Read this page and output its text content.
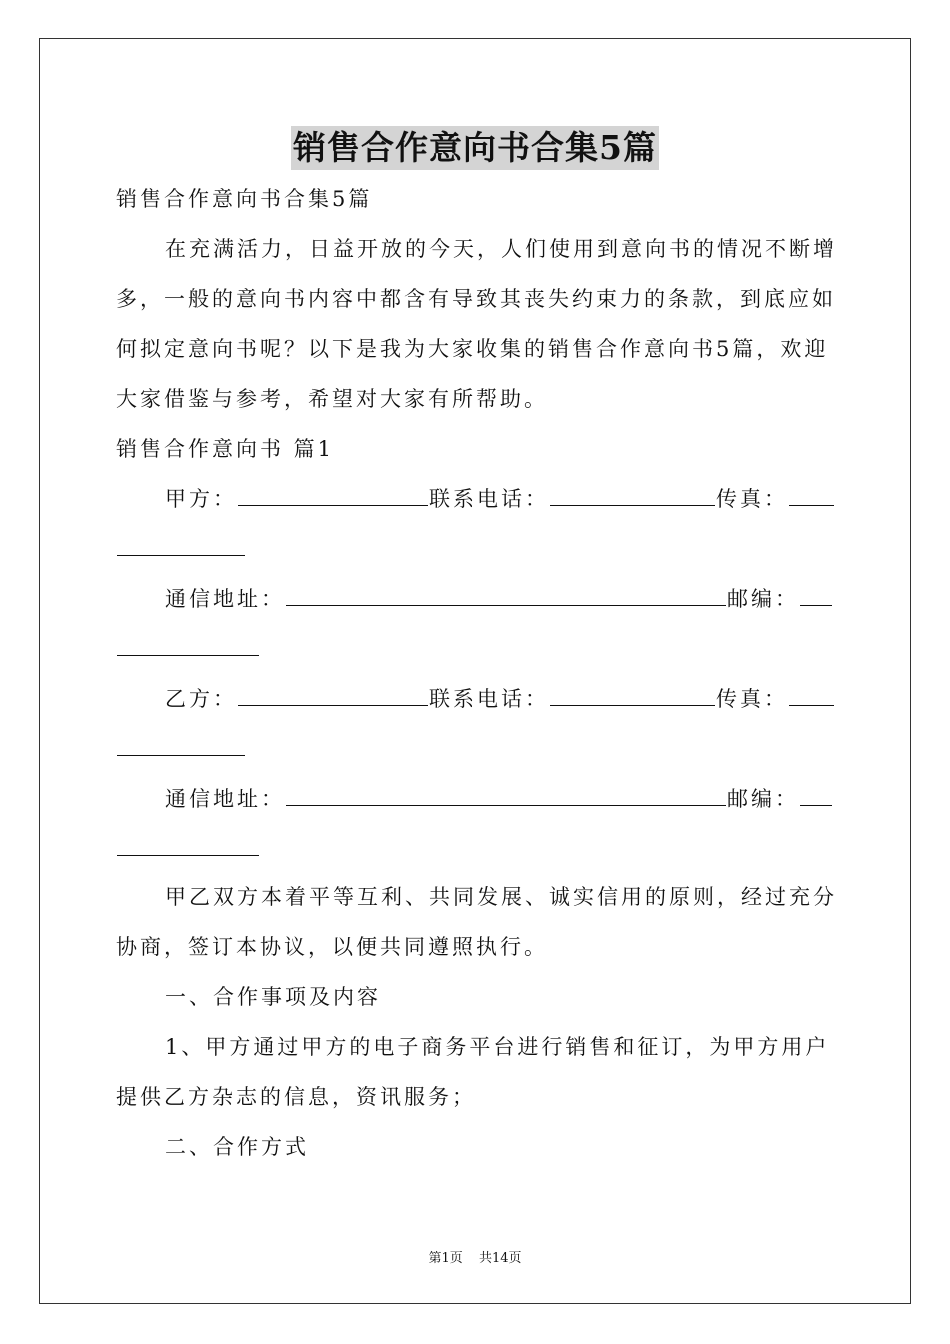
销售合作意向书合集5篇
销售合作意向书合集5篇
在充满活力，日益开放的今天，人们使用到意向书的情况不断增
多，一般的意向书内容中都含有导致其丧失约束力的条款，到底应如
何拟定意向书呢？以下是我为大家收集的销售合作意向书5篇，欢迎
大家借鉴与参考，希望对大家有所帮助。
销售合作意向书 篇1
甲方：	联系电话：	传真：
通信地址：	邮编：
乙方：	联系电话：	传真：
通信地址：	邮编：
甲乙双方本着平等互利、共同发展、诚实信用的原则，经过充分
协商，签订本协议，以便共同遵照执行。
一、合作事项及内容
1、甲方通过甲方的电子商务平台进行销售和征订，为甲方用户
提供乙方杂志的信息，资讯服务；
二、合作方式
第1页 共14页
